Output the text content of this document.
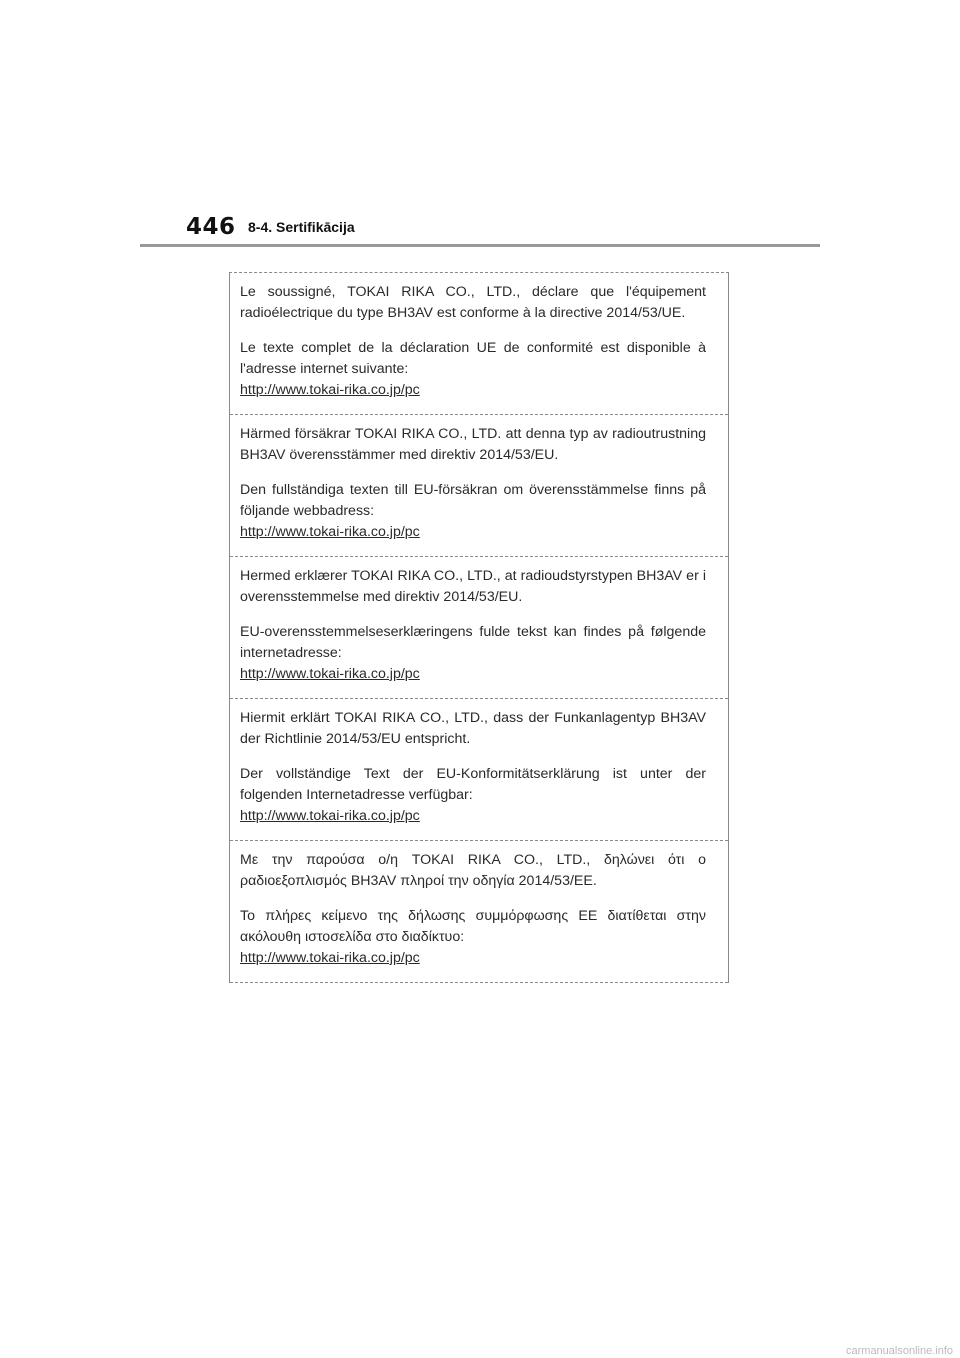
446 8-4. Sertifikācija

Le soussigné, TOKAI RIKA CO., LTD., déclare que l'équipement radioélectrique du type BH3AV est conforme à la directive 2014/53/UE.

Le texte complet de la déclaration UE de conformité est disponible à l'adresse internet suivante:

http://www.tokai-rika.co.jp/pc

Härmed försäkrar TOKAI RIKA CO., LTD. att denna typ av radioutrustning BH3AV överensstämmer med direktiv 2014/53/EU.

Den fullständiga texten till EU-försäkran om överensstämmelse finns på följande webbadress:

http://www.tokai-rika.co.jp/pc

Hermed erklærer TOKAI RIKA CO., LTD., at radioudstyrstypen BH3AV er i overensstemmelse med direktiv 2014/53/EU.

EU-overensstemmelseserklæringens fulde tekst kan findes på følgende internetadresse:

http://www.tokai-rika.co.jp/pc

Hiermit erklärt TOKAI RIKA CO., LTD., dass der Funkanlagentyp BH3AV der Richtlinie 2014/53/EU entspricht.

Der vollständige Text der EU-Konformitätserklärung ist unter der folgenden Internetadresse verfügbar:

http://www.tokai-rika.co.jp/pc

Με την παρούσα ο/η TOKAI RIKA CO., LTD., δηλώνει ότι ο ραδιοεξοπλισμός BH3AV πληροί την οδηγία 2014/53/ΕΕ.

Το πλήρες κείμενο της δήλωσης συμμόρφωσης ΕΕ διατίθεται στην ακόλουθη ιστοσελίδα στο διαδίκτυο:

http://www.tokai-rika.co.jp/pc
carmanualsonline.info
